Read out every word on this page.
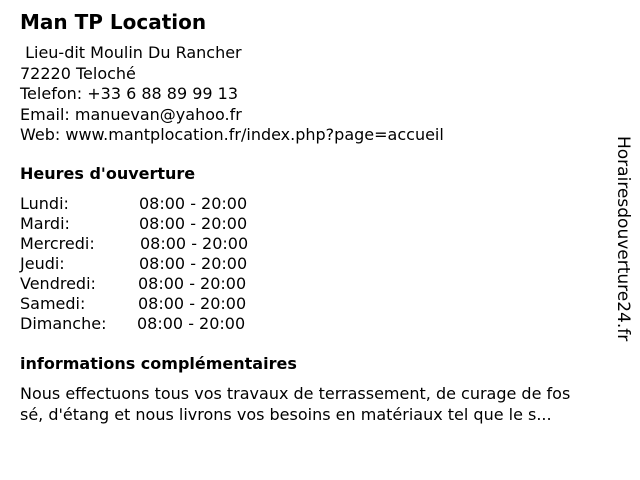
Man TP Location
Lieu-dit Moulin Du Rancher
72220 Teloché
Telefon: +33 6 88 89 99 13
Email: manuevan@yahoo.fr
Web: www.mantplocation.fr/index.php?page=accueil
Heures d'ouverture
Lundi:	08:00 - 20:00
Mardi:	08:00 - 20:00
Mercredi:	08:00 - 20:00
Jeudi:	08:00 - 20:00
Vendredi:	08:00 - 20:00
Samedi:	08:00 - 20:00
Dimanche: 08:00 - 20:00
informations complémentaires
Nous effectuons tous vos travaux de terrassement, de curage de fos
sé, d'étang et nous livrons vos besoins en matériaux tel que le s...
Horairesdouverture24.fr
